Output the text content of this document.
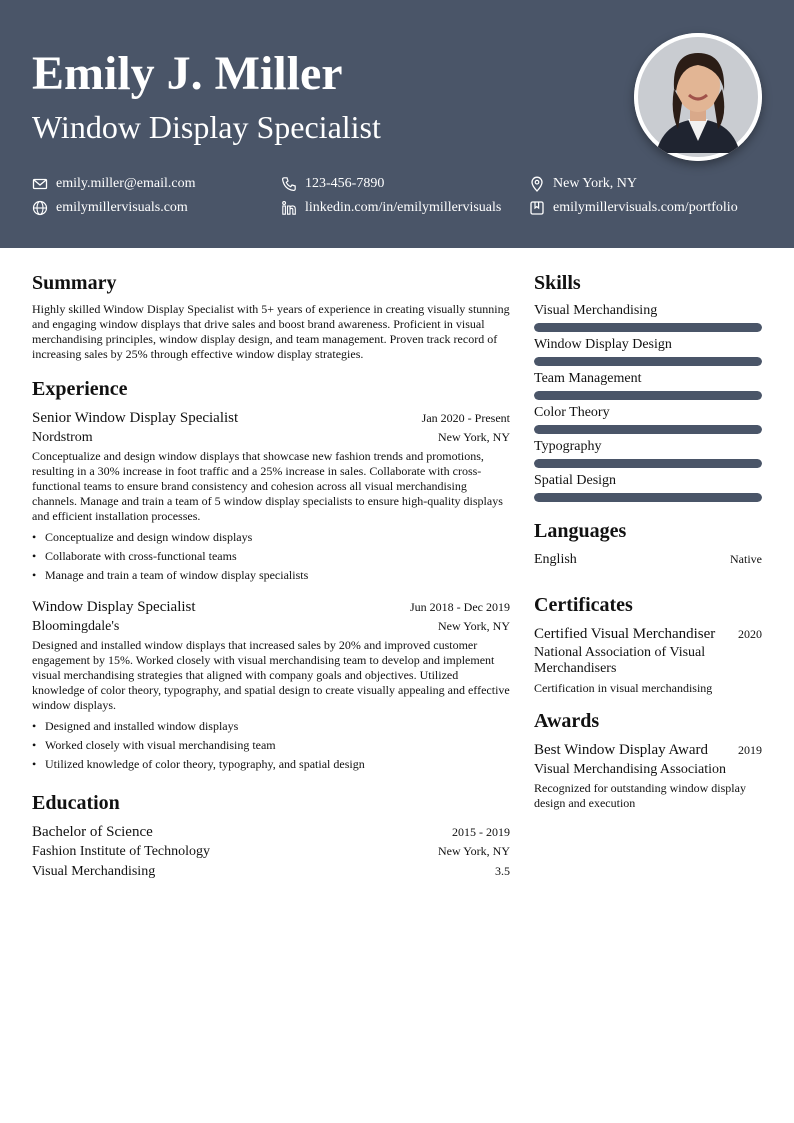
Emily J. Miller
Window Display Specialist
emily.miller@email.com	123-456-7890	New York, NY
emilymillervisuals.com	linkedin.com/in/emilymillervisuals	emilymillervisuals.com/portfolio
Summary
Highly skilled Window Display Specialist with 5+ years of experience in creating visually stunning and engaging window displays that drive sales and boost brand awareness. Proficient in visual merchandising principles, window display design, and team management. Proven track record of increasing sales by 25% through effective window display strategies.
Experience
Senior Window Display Specialist	Jan 2020 - Present
Nordstrom	New York, NY
Conceptualize and design window displays that showcase new fashion trends and promotions, resulting in a 30% increase in foot traffic and a 25% increase in sales. Collaborate with cross-functional teams to ensure brand consistency and cohesion across all visual merchandising channels. Manage and train a team of 5 window display specialists to ensure high-quality displays and efficient installation processes.
• Conceptualize and design window displays
• Collaborate with cross-functional teams
• Manage and train a team of window display specialists
Window Display Specialist	Jun 2018 - Dec 2019
Bloomingdale's	New York, NY
Designed and installed window displays that increased sales by 20% and improved customer engagement by 15%. Worked closely with visual merchandising team to develop and implement visual merchandising strategies that aligned with company goals and objectives. Utilized knowledge of color theory, typography, and spatial design to create visually appealing and effective window displays.
• Designed and installed window displays
• Worked closely with visual merchandising team
• Utilized knowledge of color theory, typography, and spatial design
Education
Bachelor of Science	2015 - 2019
Fashion Institute of Technology	New York, NY
Visual Merchandising	3.5
Skills
Visual Merchandising
Window Display Design
Team Management
Color Theory
Typography
Spatial Design
Languages
English	Native
Certificates
Certified Visual Merchandiser 2020
National Association of Visual Merchandisers
Certification in visual merchandising
Awards
Best Window Display Award	2019
Visual Merchandising Association
Recognized for outstanding window display design and execution
